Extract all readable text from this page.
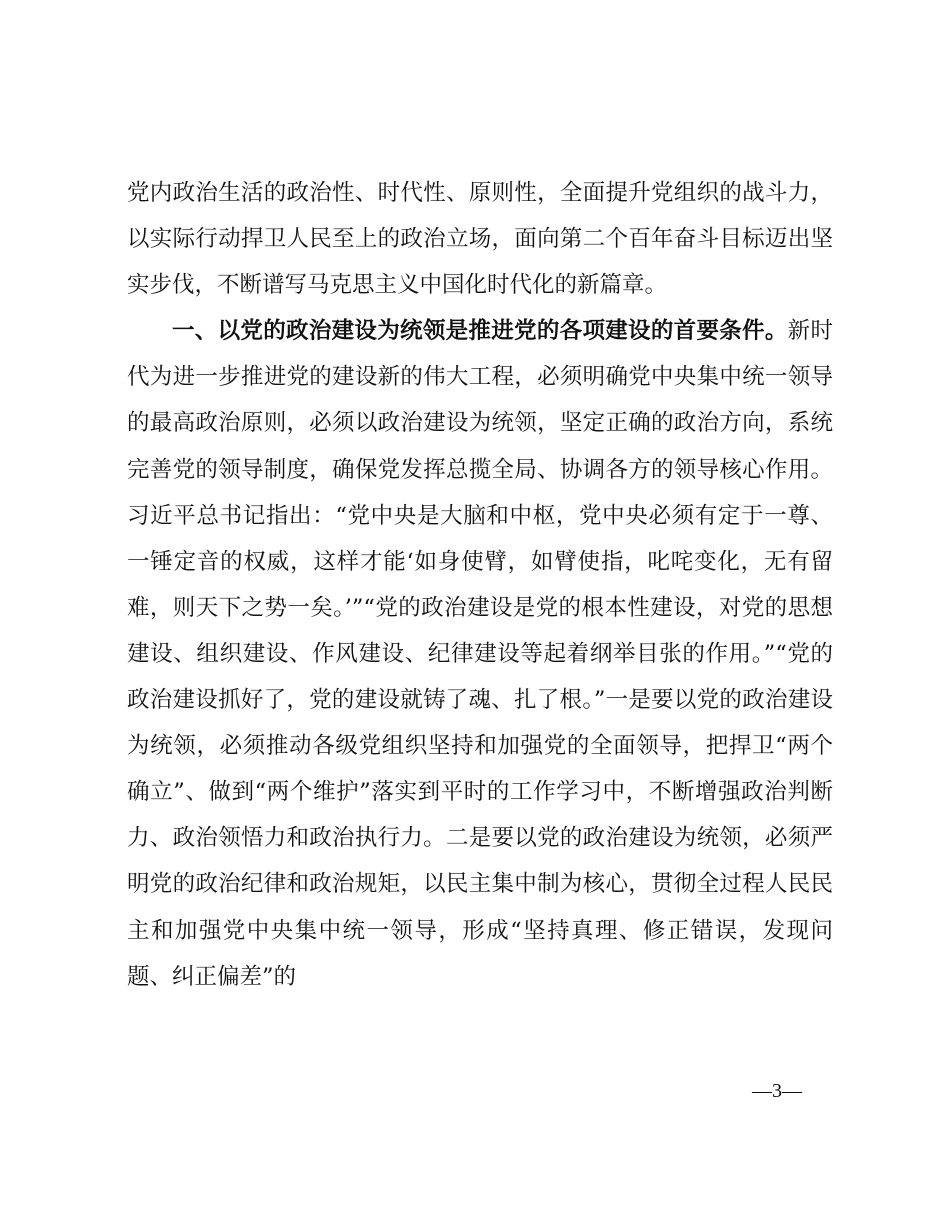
党内政治生活的政治性、时代性、原则性，全面提升党组织的战斗力，以实际行动捍卫人民至上的政治立场，面向第二个百年奋斗目标迈出坚实步伐，不断谱写马克思主义中国化时代化的新篇章。

一、以党的政治建设为统领是推进党的各项建设的首要条件。新时代为进一步推进党的建设新的伟大工程，必须明确党中央集中统一领导的最高政治原则，必须以政治建设为统领，坚定正确的政治方向，系统完善党的领导制度，确保党发挥总揽全局、协调各方的领导核心作用。习近平总书记指出：“党中央是大脑和中枢，党中央必须有定于一尊、一锤定音的权威，这样才能‘如身使臂，如臂使指，叱咤变化，无有留难，则天下之势一矣。’”“党的政治建设是党的根本性建设，对党的思想建设、组织建设、作风建设、纪律建设等起着纲举目张的作用。”“党的政治建设抓好了，党的建设就铸了魂、扎了根。”一是要以党的政治建设为统领，必须推动各级党组织坚持和加强党的全面领导，把捍卫“两个确立”、做到“两个维护”落实到平时的工作学习中，不断增强政治判断力、政治领悟力和政治执行力。二是要以党的政治建设为统领，必须严明党的政治纪律和政治规矩，以民主集中制为核心，贯彻全过程人民民主和加强党中央集中统一领导，形成“坚持真理、修正错误，发现问题、纠正偏差”的

—3—
